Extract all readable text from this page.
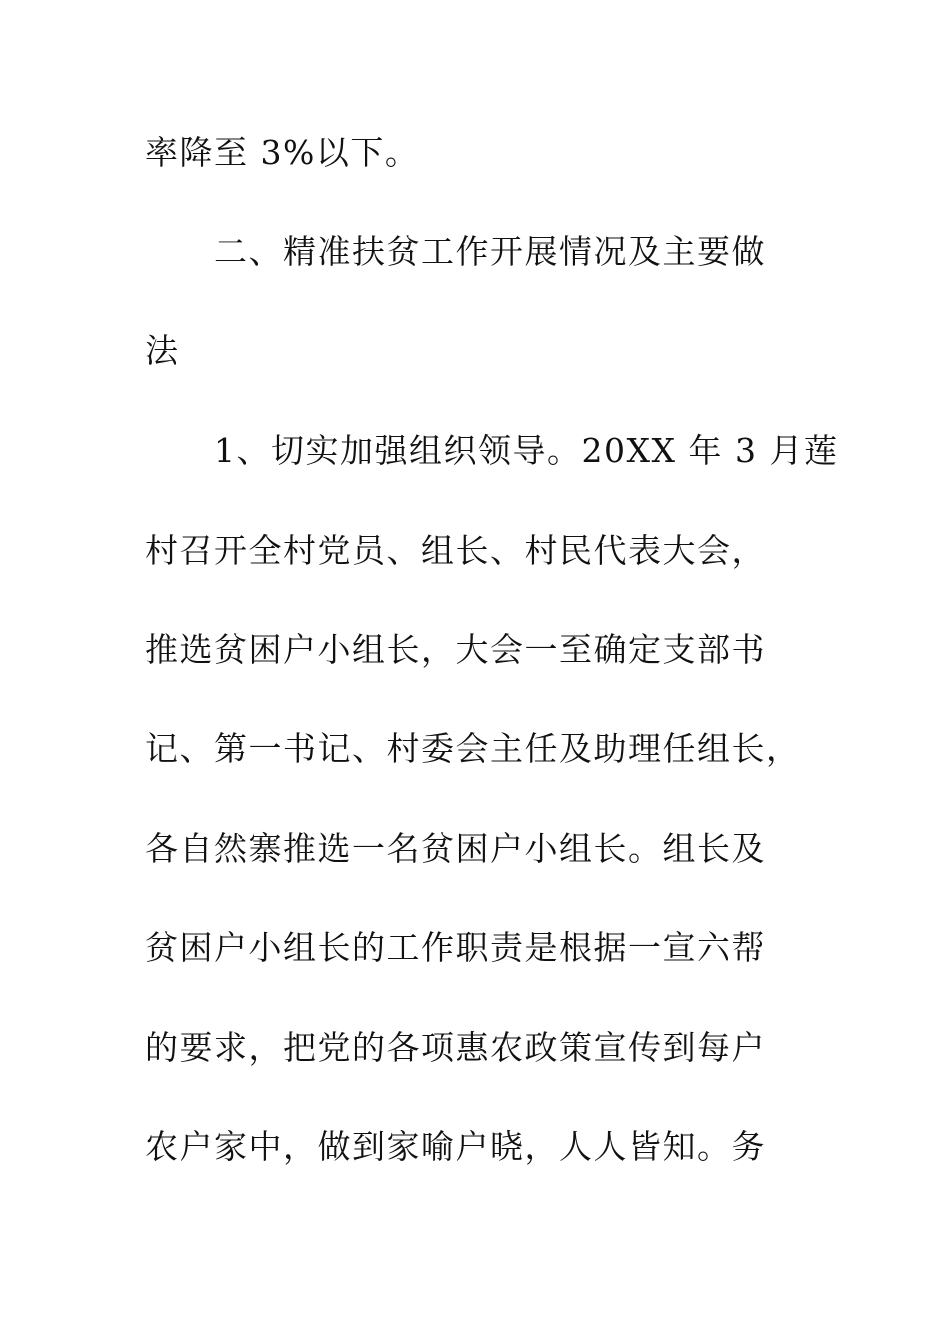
率降至 3%以下。
二、精准扶贫工作开展情况及主要做
法
1、切实加强组织领导。20XX 年 3 月莲
村召开全村党员、组长、村民代表大会，
推选贫困户小组长，大会一至确定支部书
记、第一书记、村委会主任及助理任组长，
各自然寨推选一名贫困户小组长。组长及
贫困户小组长的工作职责是根据一宣六帮
的要求，把党的各项惠农政策宣传到每户
农户家中，做到家喻户晓，人人皆知。务
